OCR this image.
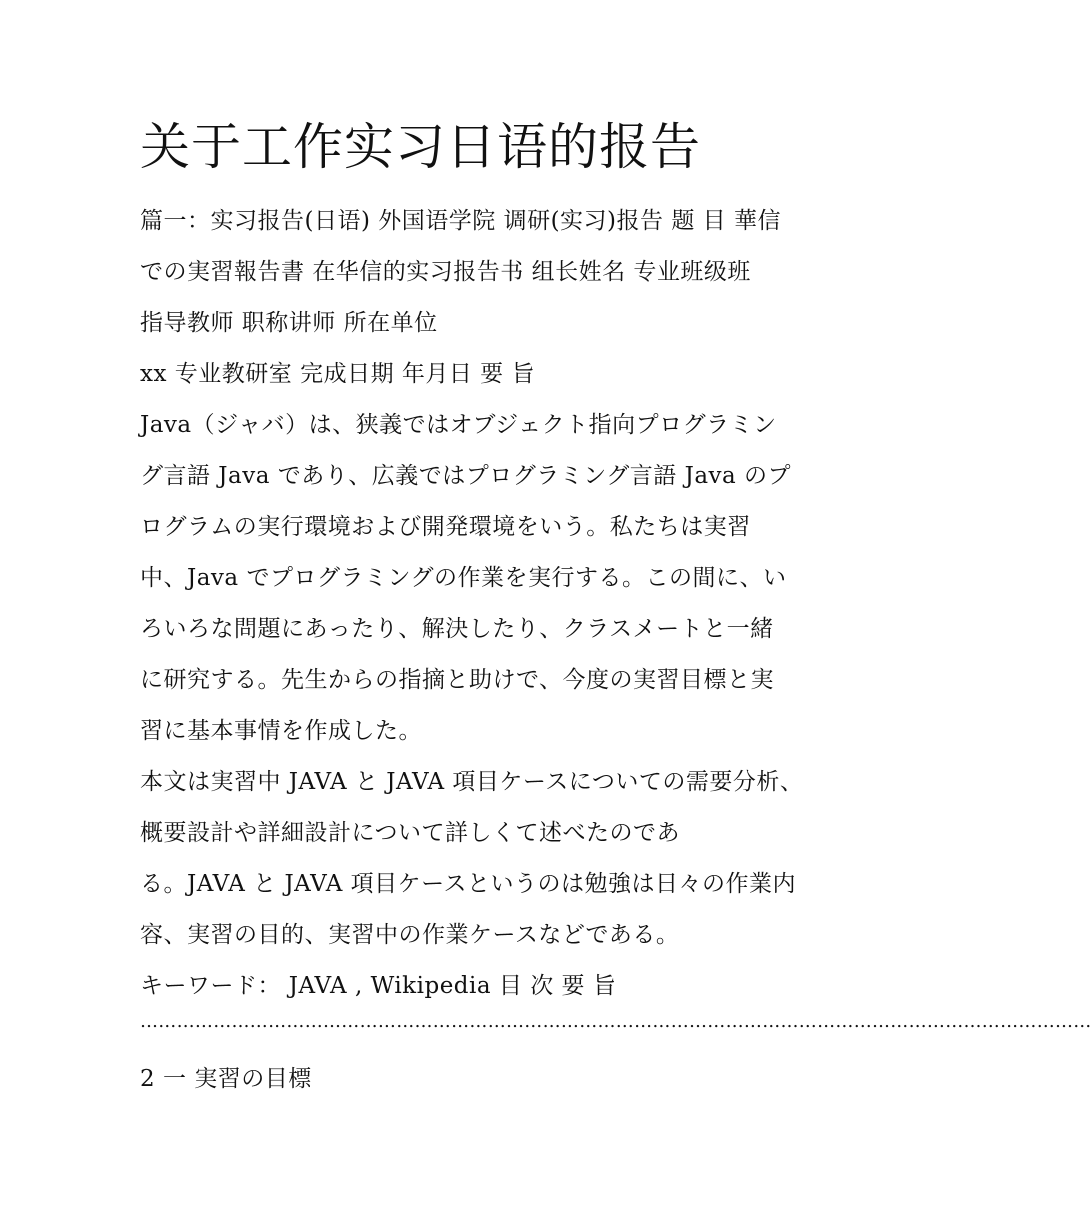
关于工作实习日语的报告

篇一：实习报告(日语) 外国语学院 调研(实习)报告 题 目 華信

での実習報告書 在华信的实习报告书 组长姓名 专业班级班

指导教师 职称讲师 所在单位

xx 专业教研室 完成日期 年月日 要 旨

Java（ジャバ）は、狭義ではオブジェクト指向プログラミン

グ言語 Java であり、広義ではプログラミング言語 Java のプ

ログラムの実行環境および開発環境をいう。私たちは実習

中、Java でプログラミングの作業を実行する。この間に、い

ろいろな問題にあったり、解決したり、クラスメートと一緒

に研究する。先生からの指摘と助けで、今度の実習目標と実

習に基本事情を作成した。

本文は実習中 JAVA と JAVA 項目ケースについての需要分析、

概要設計や詳細設計について詳しくて述べたのであ

る。JAVA と JAVA 項目ケースというのは勉強は日々の作業内

容、実習の目的、実習中の作業ケースなどである。

キーワード： JAVA , Wikipedia 目 次 要 旨

…………………………………………………………………………………………………………………………………………

2 一 実習の目標
